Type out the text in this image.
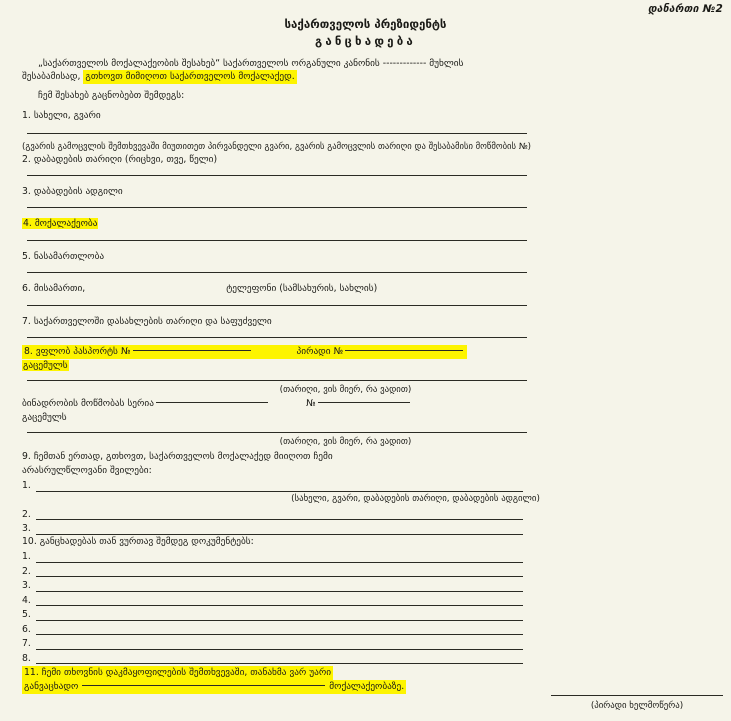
დანართი №2
საქართველოს პრეზიდენტს
განცხადება
„საქართველოს მოქალაქეობის შესახებ“ საქართველოს ორგანული კანონის ------------- მუხლის
შესაბამისად, გთხოვთ მიმიღოთ საქართველოს მოქალაქედ.
ჩემ შესახებ გაცნობებთ შემდეგს:
1. სახელი, გვარი
(გვარის გამოცვლის შემთხვევაში მიუთითეთ პირვანდელი გვარი, გვარის გამოცვლის თარიღი და შესაბამისი მოწმობის №)
2. დაბადების თარიღი (რიცხვი, თვე, წელი)
3. დაბადების ადგილი
4. მოქალაქეობა
5. ნასამართლობა
6. მისამართი,	ტელეფონი (სამსახურის, სახლის)
7. საქართველოში დასახლების თარიღი და საფუძველი
8. ვფლობ პასპორტს №	პირადი №
გაცემულს
(თარიღი, ვის მიერ, რა ვადით)
ბინადრობის მოწმობას სერია	№
გაცემულს
(თარიღი, ვის მიერ, რა ვადით)
9. ჩემთან ერთად, გთხოვთ, საქართველოს მოქალაქედ მიიღოთ ჩემი
არასრულწლოვანი შვილები:
1.
(სახელი, გვარი, დაბადების თარიღი, დაბადების ადგილი)
2.
3.
10. განცხადებას თან ვურთავ შემდეგ დოკუმენტებს:
1.
2.
3.
4.
5.
6.
7.
8.
11. ჩემი თხოვნის დაკმაყოფილების შემთხვევაში, თანახმა ვარ უარი
განვაცხადო	მოქალაქეობაზე.
(პირადი ხელმოწერა)
